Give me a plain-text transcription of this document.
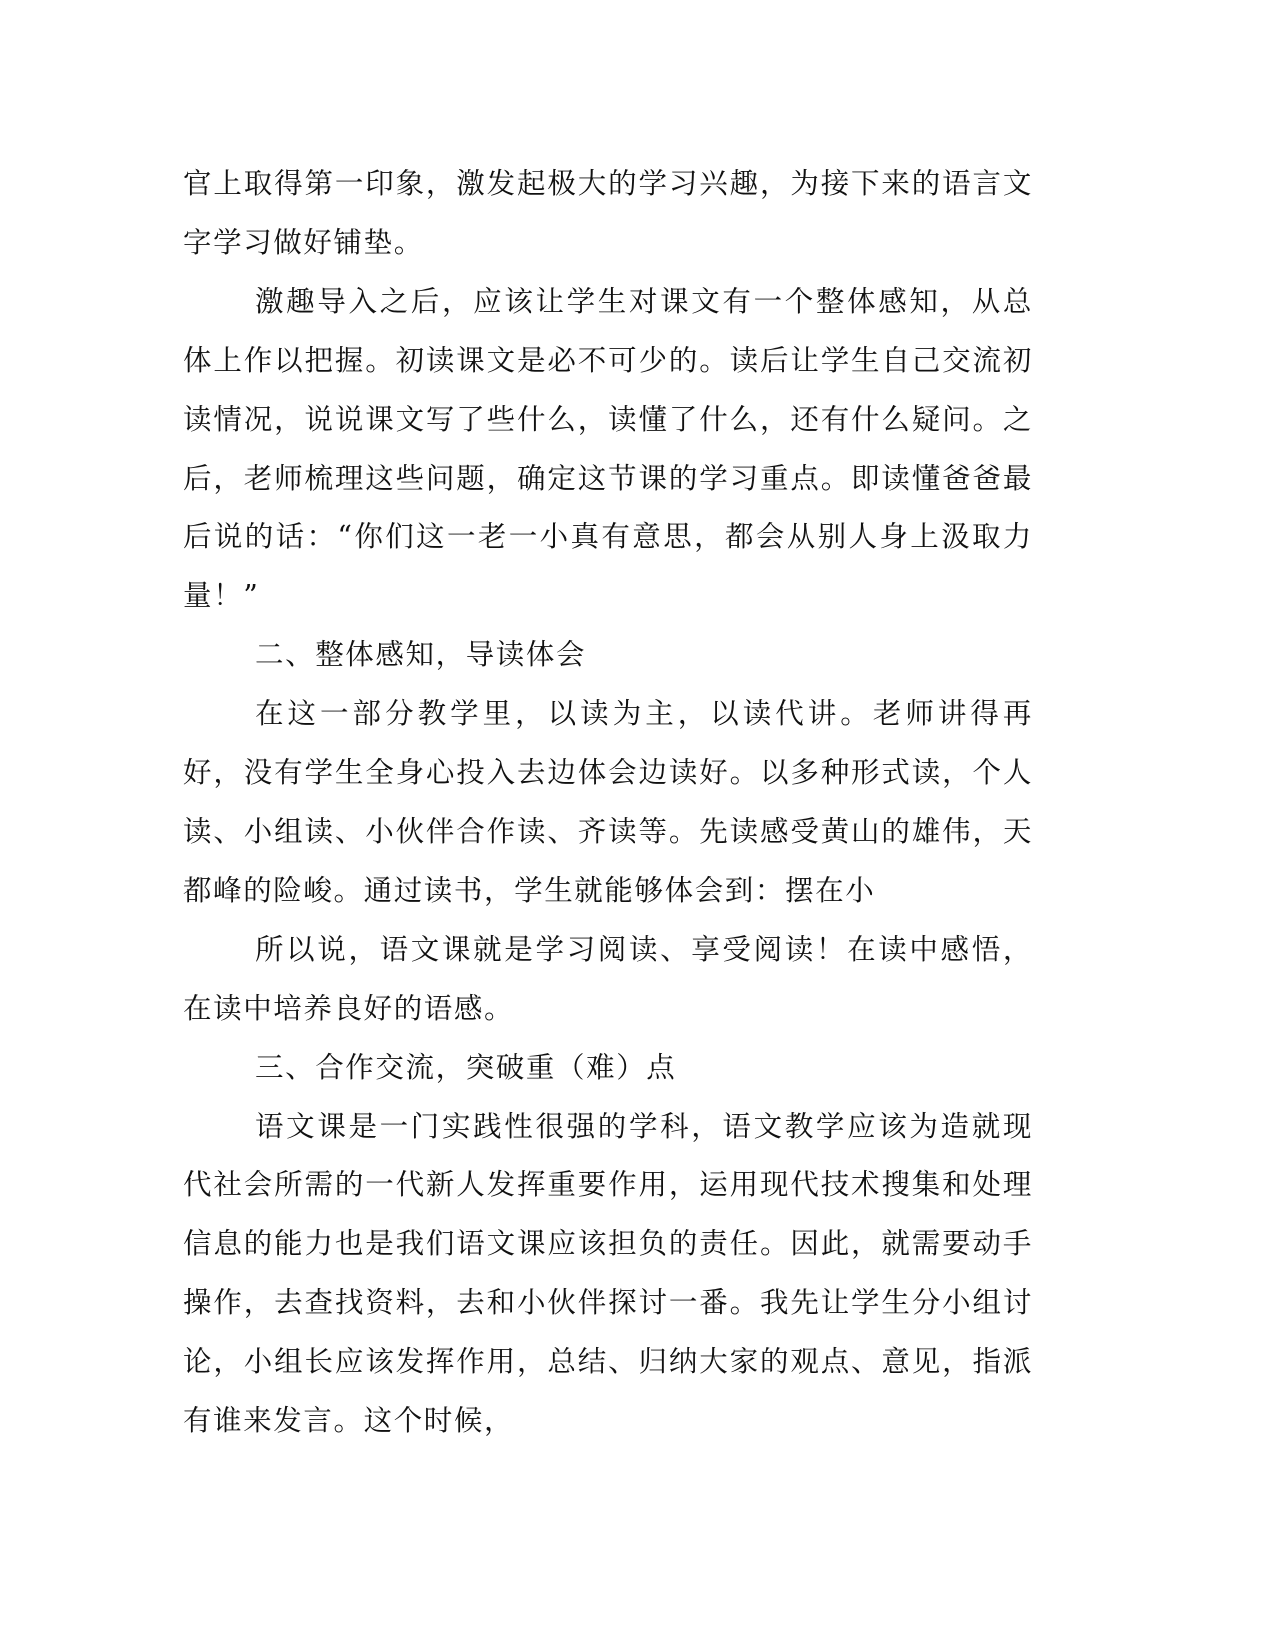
官上取得第一印象，激发起极大的学习兴趣，为接下来的语言文字学习做好铺垫。

激趣导入之后，应该让学生对课文有一个整体感知，从总体上作以把握。初读课文是必不可少的。读后让学生自己交流初读情况，说说课文写了些什么，读懂了什么，还有什么疑问。之后，老师梳理这些问题，确定这节课的学习重点。即读懂爸爸最后说的话：“你们这一老一小真有意思，都会从别人身上汲取力量！”

二、整体感知，导读体会

在这一部分教学里，以读为主，以读代讲。老师讲得再好，没有学生全身心投入去边体会边读好。以多种形式读，个人读、小组读、小伙伴合作读、齐读等。先读感受黄山的雄伟，天都峰的险峻。通过读书，学生就能够体会到：摆在小

所以说，语文课就是学习阅读、享受阅读！在读中感悟，在读中培养良好的语感。

三、合作交流，突破重（难）点

语文课是一门实践性很强的学科，语文教学应该为造就现代社会所需的一代新人发挥重要作用，运用现代技术搜集和处理信息的能力也是我们语文课应该担负的责任。因此，就需要动手操作，去查找资料，去和小伙伴探讨一番。我先让学生分小组讨论，小组长应该发挥作用，总结、归纳大家的观点、意见，指派有谁来发言。这个时候，
